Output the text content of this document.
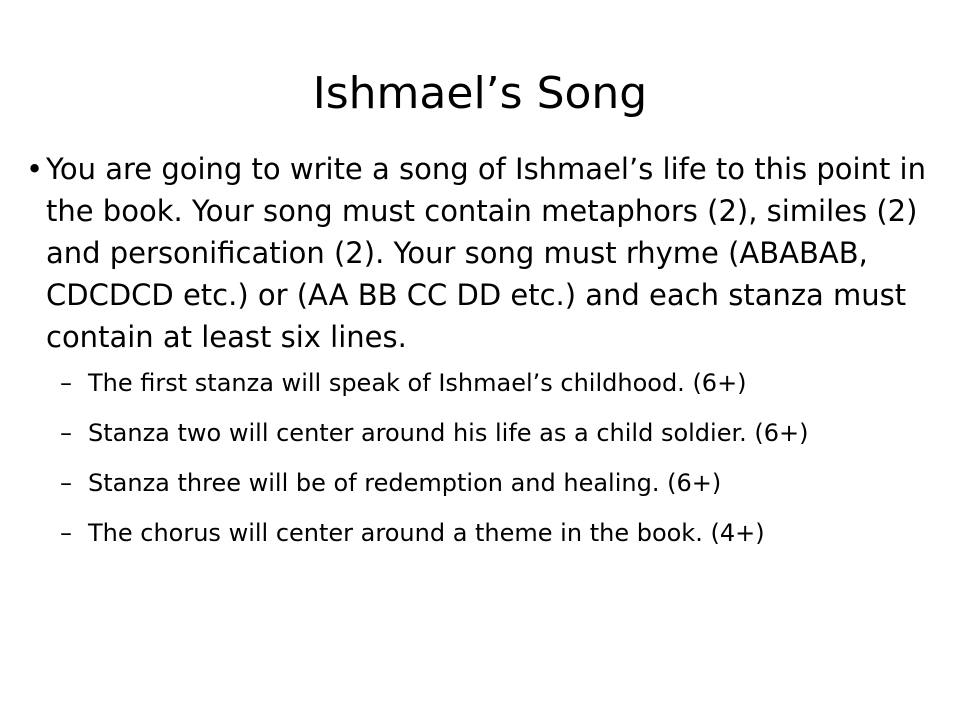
Ishmael’s Song
•
You are going to write a song of Ishmael’s life to this point in the book. Your song must contain metaphors (2), similes (2) and personification (2). Your song must rhyme (ABABAB, CDCDCD etc.) or (AA BB CC DD etc.) and each stanza must contain at least six lines.
–
The first stanza will speak of Ishmael’s childhood. (6+)
–
Stanza two will center around his life as a child soldier. (6+)
–
Stanza three will be of redemption and healing. (6+)
–
The chorus will center around a theme in the book. (4+)
